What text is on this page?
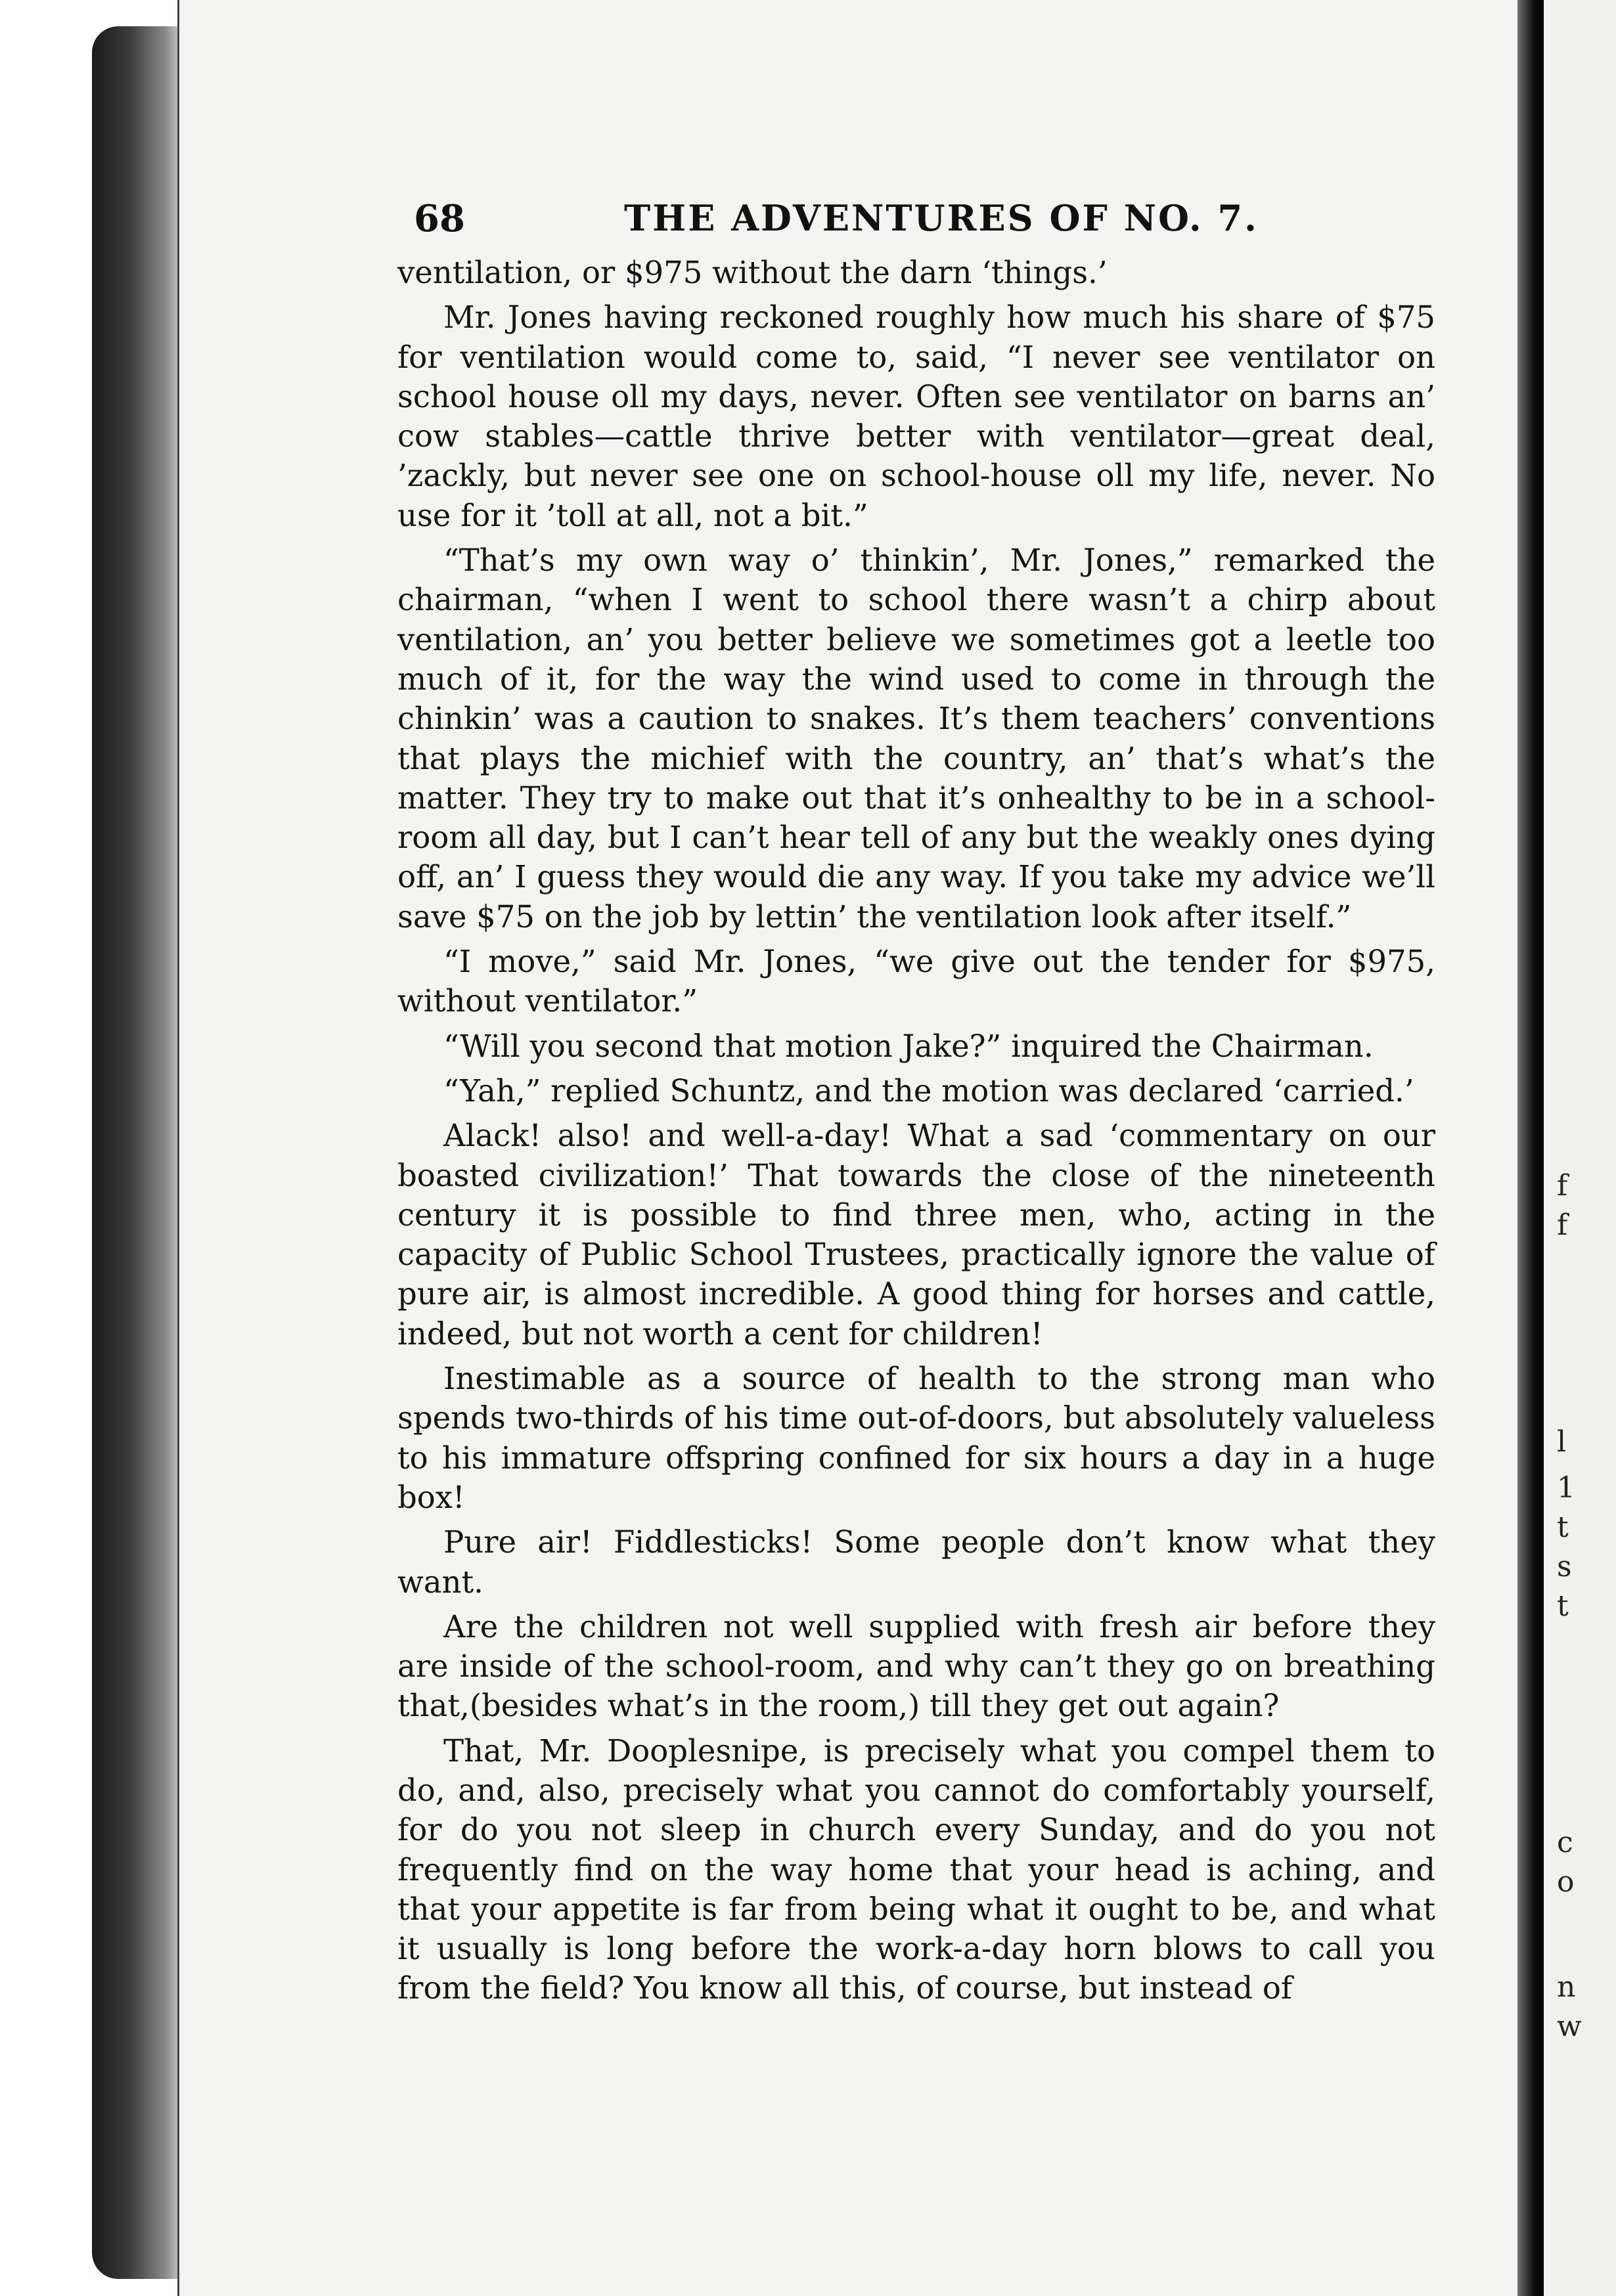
68	THE ADVENTURES OF NO. 7.

ventilation, or $975 without the darn ‘things.’

Mr. Jones having reckoned roughly how much his share of $75 for ventilation would come to, said, “I never see ventilator on school house oll my days, never. Often see ventilator on barns an’ cow stables—cattle thrive better with ventilator—great deal, ’zackly, but never see one on school-house oll my life, never. No use for it ’toll at all, not a bit.”

“That’s my own way o’ thinkin’, Mr. Jones,” remarked the chairman, “when I went to school there wasn’t a chirp about ventilation, an’ you better believe we sometimes got a leetle too much of it, for the way the wind used to come in through the chinkin’ was a caution to snakes. It’s them teachers’ conventions that plays the michief with the country, an’ that’s what’s the matter. They try to make out that it’s onhealthy to be in a school-room all day, but I can’t hear tell of any but the weakly ones dying off, an’ I guess they would die any way. If you take my advice we’ll save $75 on the job by lettin’ the ventilation look after itself.”

“I move,” said Mr. Jones, “we give out the tender for $975, without ventilator.”

“Will you second that motion Jake?” inquired the Chairman.

“Yah,” replied Schuntz, and the motion was declared ‘carried.’

Alack! also! and well-a-day! What a sad ‘commentary on our boasted civilization!’ That towards the close of the nineteenth century it is possible to find three men, who, acting in the capacity of Public School Trustees, practically ignore the value of pure air, is almost incredible. A good thing for horses and cattle, indeed, but not worth a cent for children!

Inestimable as a source of health to the strong man who spends two-thirds of his time out-of-doors, but absolutely valueless to his immature offspring confined for six hours a day in a huge box!

Pure air! Fiddlesticks! Some people don’t know what they want.

Are the children not well supplied with fresh air before they are inside of the school-room, and why can’t they go on breathing that,(besides what’s in the room,) till they get out again?

That, Mr. Dooplesnipe, is precisely what you compel them to do, and, also, precisely what you cannot do comfortably yourself, for do you not sleep in church every Sunday, and do you not frequently find on the way home that your head is aching, and that your appetite is far from being what it ought to be, and what it usually is long before the work-a-day horn blows to call you from the field? You know all this, of course, but instead of

f
f
l
1
t
s
t
c
o
n
w
